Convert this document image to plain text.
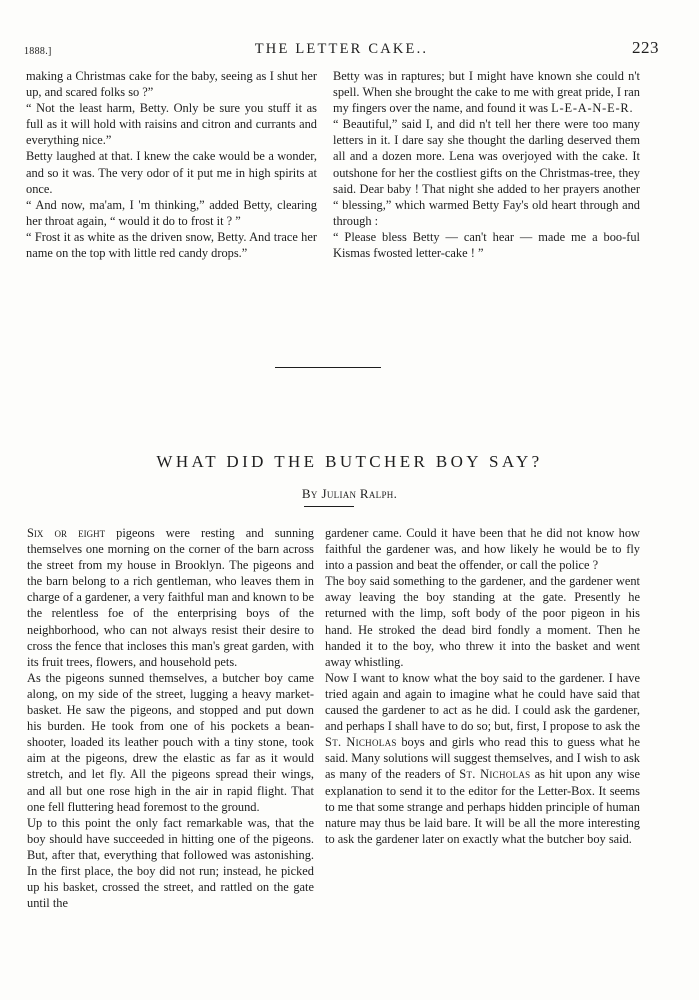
1888.]	THE LETTER CAKE..	223

making a Christmas cake for the baby, seeing as I shut her up, and scared folks so ?”

“ Not the least harm, Betty. Only be sure you stuff it as full as it will hold with raisins and citron and currants and everything nice.”

Betty laughed at that. I knew the cake would be a wonder, and so it was. The very odor of it put me in high spirits at once.

“ And now, ma'am, I 'm thinking,” added Betty, clearing her throat again, “ would it do to frost it ? ”

“ Frost it as white as the driven snow, Betty. And trace her name on the top with little red candy drops.”

Betty was in raptures; but I might have known she could n't spell. When she brought the cake to me with great pride, I ran my fingers over the name, and found it was L-E-A-N-E-R.

“ Beautiful,” said I, and did n't tell her there were too many letters in it. I dare say she thought the darling deserved them all and a dozen more. Lena was overjoyed with the cake. It outshone for her the costliest gifts on the Christmas-tree, they said. Dear baby ! That night she added to her prayers another “ blessing,” which warmed Betty Fay's old heart through and through :

“ Please bless Betty — can't hear — made me a boo-ful Kismas fwosted letter-cake ! ”

WHAT DID THE BUTCHER BOY SAY?
By Julian Ralph.

Six or eight pigeons were resting and sunning themselves one morning on the corner of the barn across the street from my house in Brooklyn. The pigeons and the barn belong to a rich gentleman, who leaves them in charge of a gardener, a very faithful man and known to be the relentless foe of the enterprising boys of the neighborhood, who can not always resist their desire to cross the fence that incloses this man's great garden, with its fruit trees, flowers, and household pets.

As the pigeons sunned themselves, a butcher boy came along, on my side of the street, lugging a heavy market-basket. He saw the pigeons, and stopped and put down his burden. He took from one of his pockets a bean-shooter, loaded its leather pouch with a tiny stone, took aim at the pigeons, drew the elastic as far as it would stretch, and let fly. All the pigeons spread their wings, and all but one rose high in the air in rapid flight. That one fell fluttering head foremost to the ground.

Up to this point the only fact remarkable was, that the boy should have succeeded in hitting one of the pigeons. But, after that, everything that followed was astonishing. In the first place, the boy did not run; instead, he picked up his basket, crossed the street, and rattled on the gate until the

gardener came. Could it have been that he did not know how faithful the gardener was, and how likely he would be to fly into a passion and beat the offender, or call the police ?

The boy said something to the gardener, and the gardener went away leaving the boy standing at the gate. Presently he returned with the limp, soft body of the poor pigeon in his hand. He stroked the dead bird fondly a moment. Then he handed it to the boy, who threw it into the basket and went away whistling.

Now I want to know what the boy said to the gardener. I have tried again and again to imagine what he could have said that caused the gardener to act as he did. I could ask the gardener, and perhaps I shall have to do so; but, first, I propose to ask the St. Nicholas boys and girls who read this to guess what he said. Many solutions will suggest themselves, and I wish to ask as many of the readers of St. Nicholas as hit upon any wise explanation to send it to the editor for the Letter-Box. It seems to me that some strange and perhaps hidden principle of human nature may thus be laid bare. It will be all the more interesting to ask the gardener later on exactly what the butcher boy said.
